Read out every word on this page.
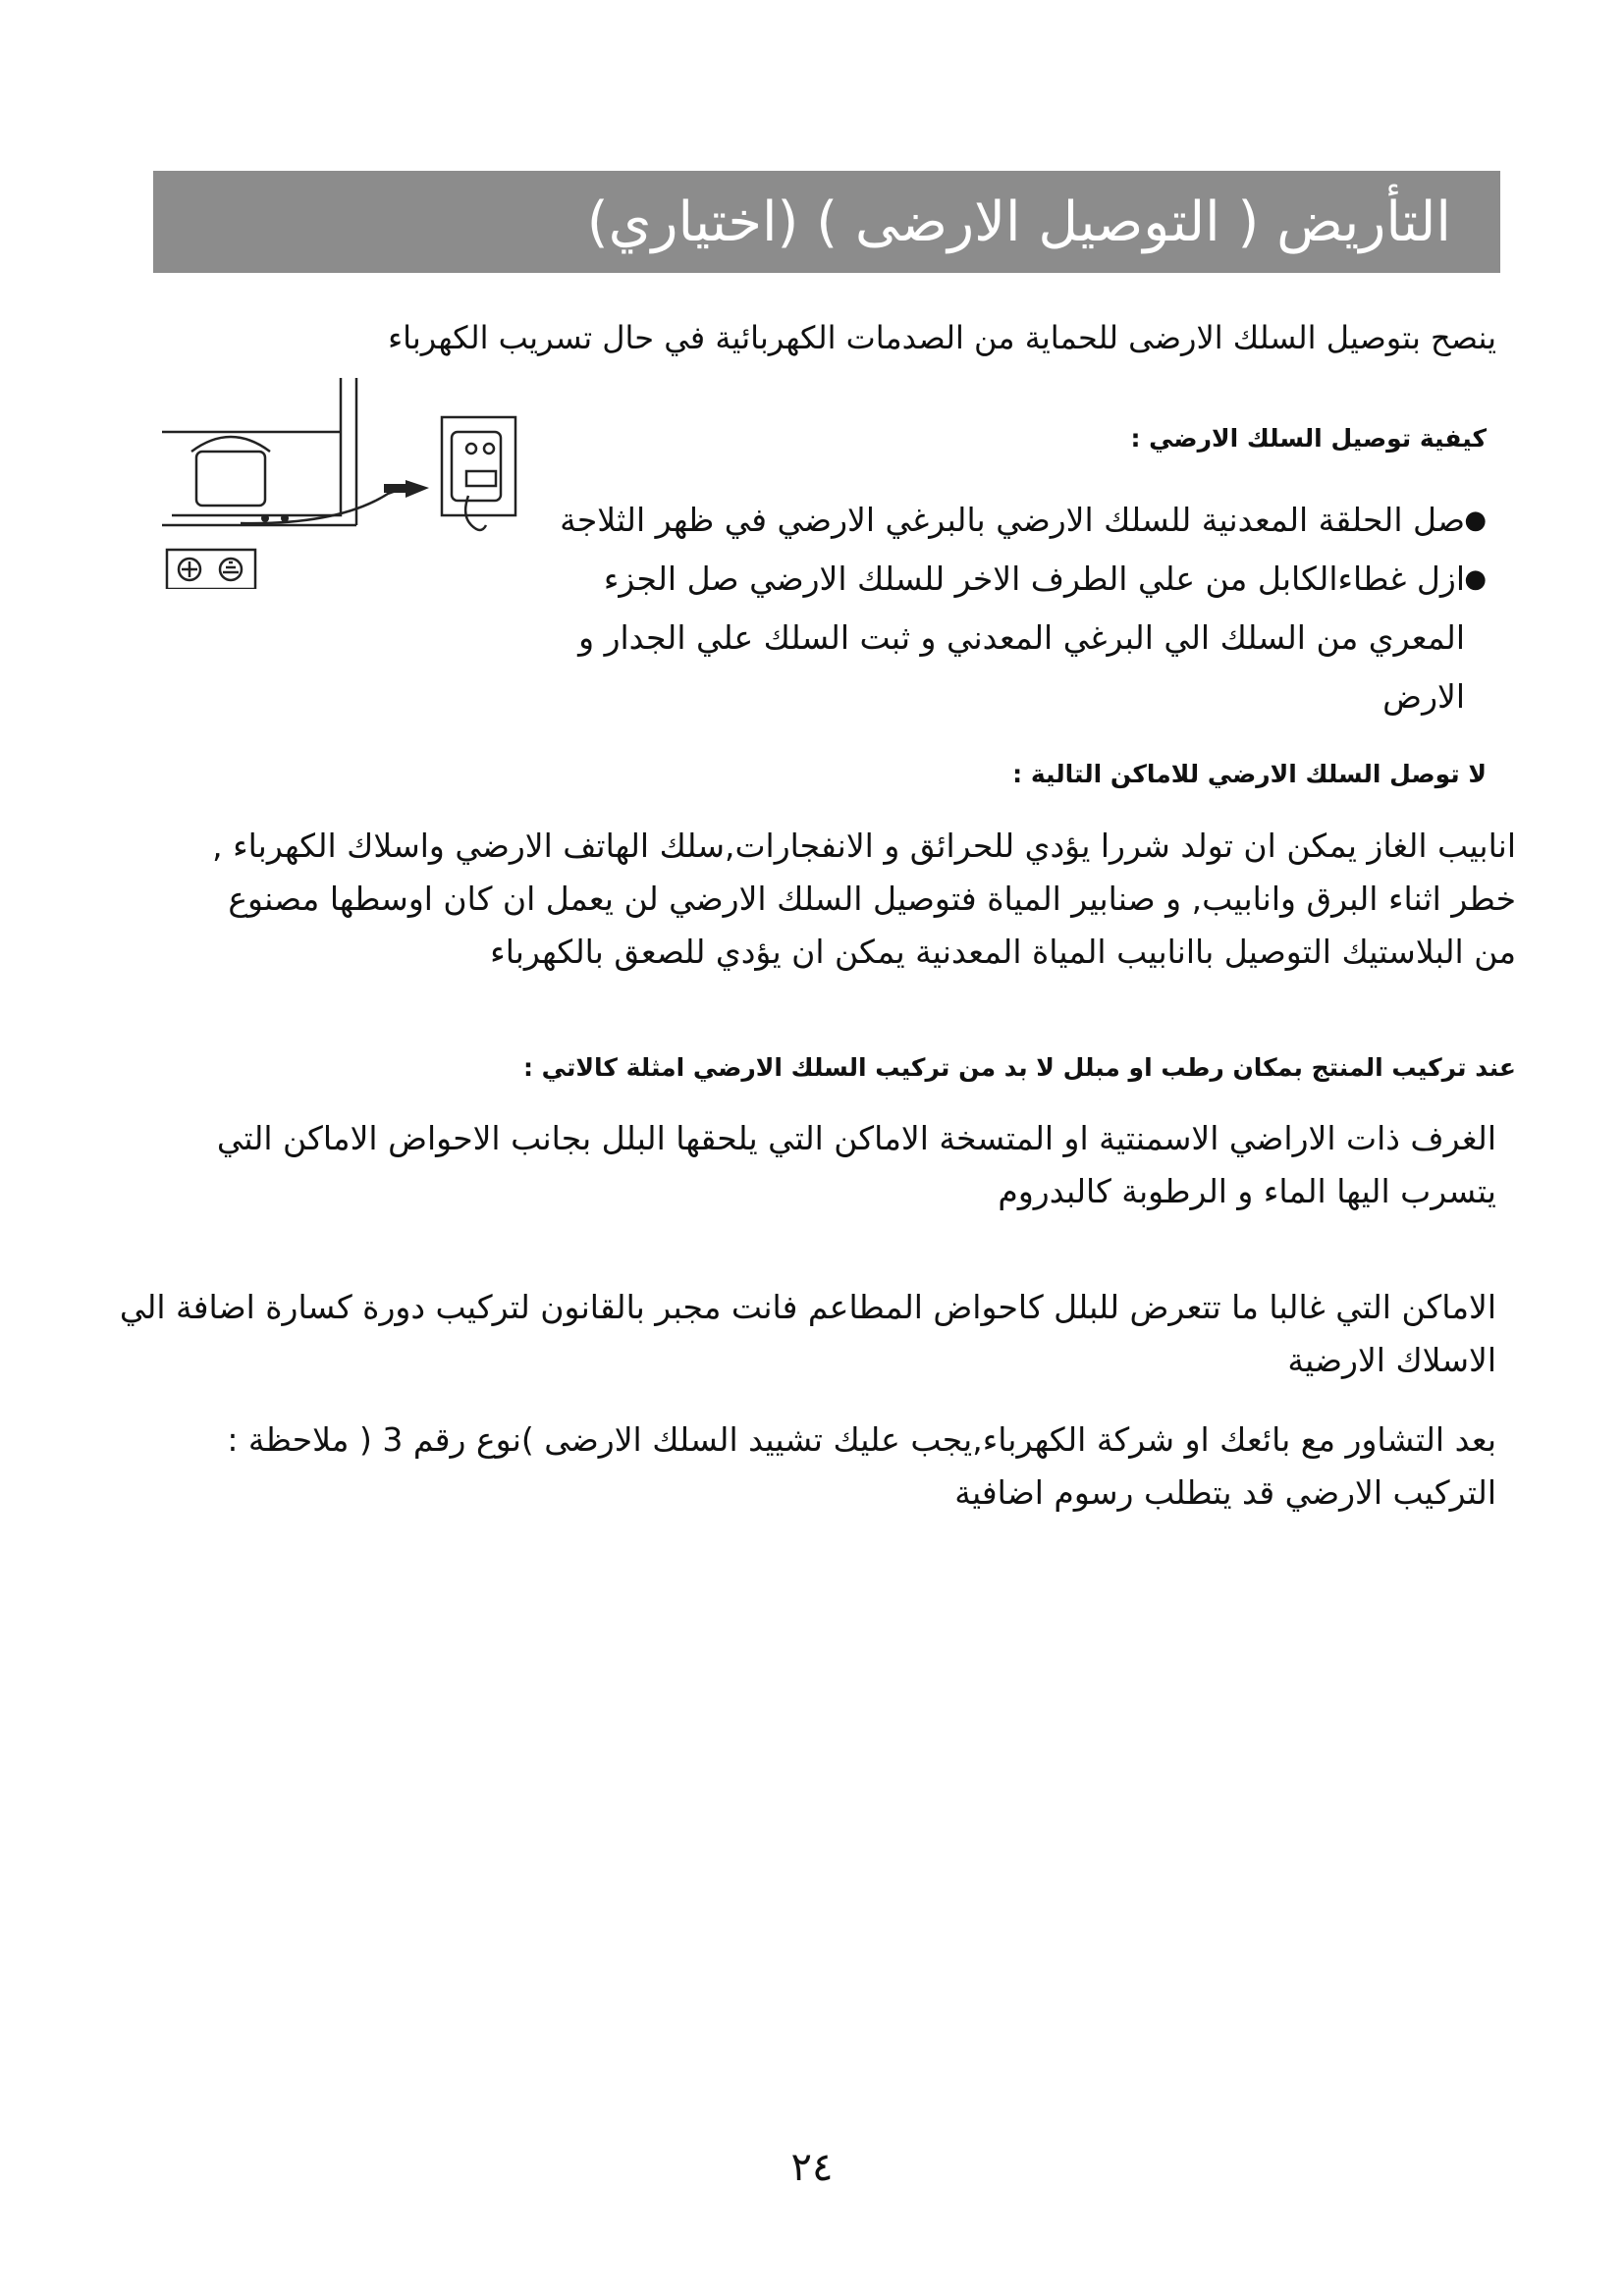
التأريض ( التوصيل الارضى ) (اختياري)
ينصح بتوصيل السلك الارضى للحماية من الصدمات الكهربائية في حال تسريب الكهرباء
كيفية توصيل السلك الارضي :
●
صل الحلقة المعدنية للسلك الارضي بالبرغي الارضي في ظهر الثلاجة
●
ازل غطاءالكابل من علي الطرف الاخر للسلك الارضي صل الجزء
المعري من السلك الي البرغي المعدني و ثبت السلك علي الجدار و الارض
لا توصل السلك الارضي للاماكن التالية :
انابيب الغاز يمكن ان تولد شررا يؤدي للحرائق و الانفجارات,سلك الهاتف الارضي واسلاك الكهرباء ,
خطر اثناء البرق وانابيب, و صنابير المياة فتوصيل السلك الارضي لن يعمل ان كان اوسطها مصنوع
من البلاستيك التوصيل باانابيب المياة المعدنية يمكن ان يؤدي للصعق بالكهرباء
عند تركيب المنتج بمكان رطب او مبلل لا بد من تركيب السلك الارضي امثلة كالاتي :
الغرف ذات الاراضي الاسمنتية او المتسخة الاماكن التي يلحقها البلل بجانب الاحواض الاماكن التي
يتسرب اليها الماء و الرطوبة كالبدروم
الاماكن التي غالبا ما تتعرض للبلل كاحواض المطاعم فانت مجبر بالقانون لتركيب دورة كسارة اضافة الي
الاسلاك الارضية
بعد التشاور مع بائعك او شركة الكهرباء,يجب عليك تشييد السلك الارضى )نوع رقم 3 ( ملاحظة :
التركيب الارضي قد يتطلب رسوم اضافية
٢٤
